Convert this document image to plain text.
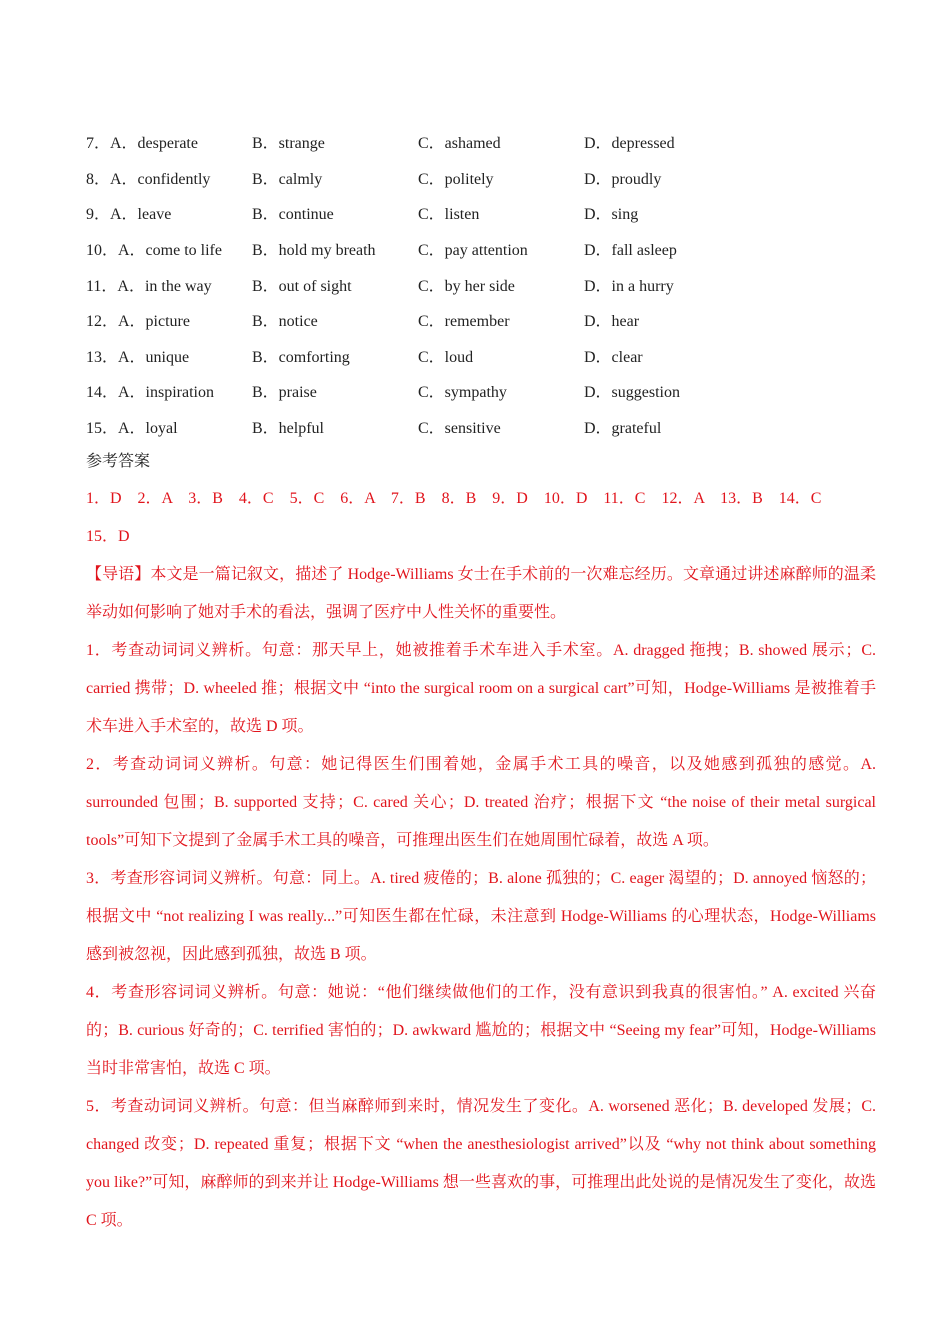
7．A．desperate	B．strange	C．ashamed	D．depressed
8．A．confidently	B．calmly	C．politely	D．proudly
9．A．leave	B．continue	C．listen	D．sing
10．A．come to life	B．hold my breath	C．pay attention	D．fall asleep
11．A．in the way	B．out of sight	C．by her side	D．in a hurry
12．A．picture	B．notice	C．remember	D．hear
13．A．unique	B．comforting	C．loud	D．clear
14．A．inspiration	B．praise	C．sympathy	D．suggestion
15．A．loyal	B．helpful	C．sensitive	D．grateful
参考答案
1．D　2．A　3．B　4．C　5．C　6．A　7．B　8．B　9．D　10．D　11．C　12．A　13．B　14．C
15．D

【导语】本文是一篇记叙文，描述了 Hodge-Williams 女士在手术前的一次难忘经历。文章通过讲述麻醉师的温柔举动如何影响了她对手术的看法，强调了医疗中人性关怀的重要性。

1．考查动词词义辨析。句意：那天早上，她被推着手术车进入手术室。A. dragged 拖拽；B. showed 展示；C. carried 携带；D. wheeled 推；根据文中 “into the surgical room on a surgical cart”可知，Hodge-Williams 是被推着手术车进入手术室的，故选 D 项。

2．考查动词词义辨析。句意：她记得医生们围着她，金属手术工具的噪音，以及她感到孤独的感觉。A. surrounded 包围；B. supported 支持；C. cared 关心；D. treated 治疗；根据下文 “the noise of their metal surgical tools”可知下文提到了金属手术工具的噪音，可推理出医生们在她周围忙碌着，故选 A 项。

3．考查形容词词义辨析。句意：同上。A. tired 疲倦的；B. alone 孤独的；C. eager 渴望的；D. annoyed 恼怒的；根据文中 “not realizing I was really...”可知医生都在忙碌，未注意到 Hodge-Williams 的心理状态，Hodge-Williams 感到被忽视，因此感到孤独，故选 B 项。

4．考查形容词词义辨析。句意：她说：“他们继续做他们的工作，没有意识到我真的很害怕。” A. excited 兴奋的；B. curious 好奇的；C. terrified 害怕的；D. awkward 尴尬的；根据文中 “Seeing my fear”可知，Hodge-Williams 当时非常害怕，故选 C 项。

5．考查动词词义辨析。句意：但当麻醉师到来时，情况发生了变化。A. worsened 恶化；B. developed 发展；C. changed 改变；D. repeated 重复；根据下文 “when the anesthesiologist arrived”以及 “why not think about something you like?”可知，麻醉师的到来并让 Hodge-Williams 想一些喜欢的事，可推理出此处说的是情况发生了变化，故选 C 项。
